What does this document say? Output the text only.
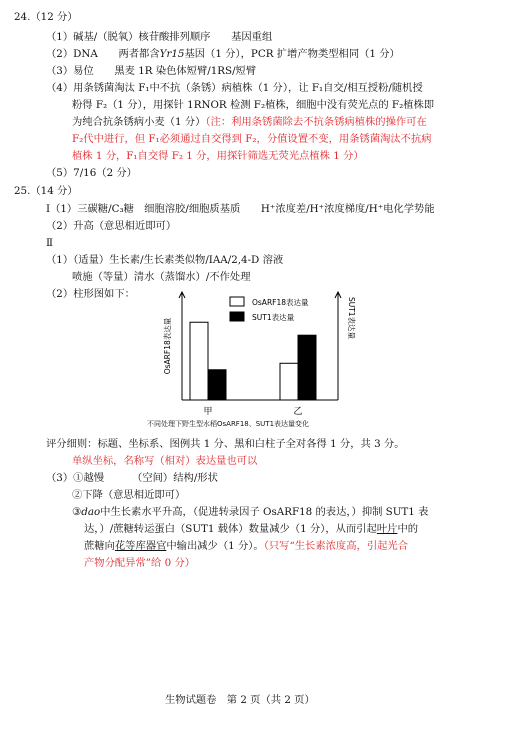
24.（12 分）
（1）碱基/（脱氧）核苷酸排列顺序　　基因重组
（2）DNA　　两者都含Yr15基因（1 分），PCR 扩增产物类型相同（1 分）
（3）易位　　黑麦 1R 染色体短臂/1RS/短臂
（4）用条锈菌淘汰 F₁中不抗（条锈）病植株（1 分），让 F₁自交/相互授粉/随机授
粉得 F₂（1 分），用探针 1RNOR 检测 F₂植株，细胞中没有荧光点的 F₂植株即
为纯合抗条锈病小麦（1 分）（注：利用条锈菌除去不抗条锈病植株的操作可在
F₂代中进行，但 F₁必须通过自交得到 F₂，分值设置不变，用条锈菌淘汰不抗病
植株 1 分，F₁自交得 F₂ 1 分，用探针筛选无荧光点植株 1 分）
（5）7/16（2 分）
25.（14 分）
Ⅰ（1）三碳糖/C₃糖　细胞溶胶/细胞质基质　　H⁺浓度差/H⁺浓度梯度/H⁺电化学势能
（2）升高（意思相近即可）
Ⅱ
（1）（适量）生长素/生长素类似物/IAA/2,4-D 溶液
喷施（等量）清水（蒸馏水）/不作处理
（2）柱形图如下：
OsARF18表达量	SUT1表达量
甲	乙
OsARF18表达量
SUT1表达量
不同处理下野生型水稻OsARF18、SUT1表达量变化
评分细则：标题、坐标系、图例共 1 分、黑和白柱子全对各得 1 分，共 3 分。
单纵坐标，名称写（相对）表达量也可以
（3）①越慢	（空间）结构/形状
②下降（意思相近即可）
③dao中生长素水平升高，（促进转录因子 OsARF18 的表达，）抑制 SUT1 表
达，）/蔗糖转运蛋白（SUT1 载体）数量减少（1 分），从而引起叶片中的
蔗糖向花等库器官中输出减少（1 分）。（只写“生长素浓度高，引起光合
产物分配异常”给 0 分）
生物试题卷　第 2 页（共 2 页）
